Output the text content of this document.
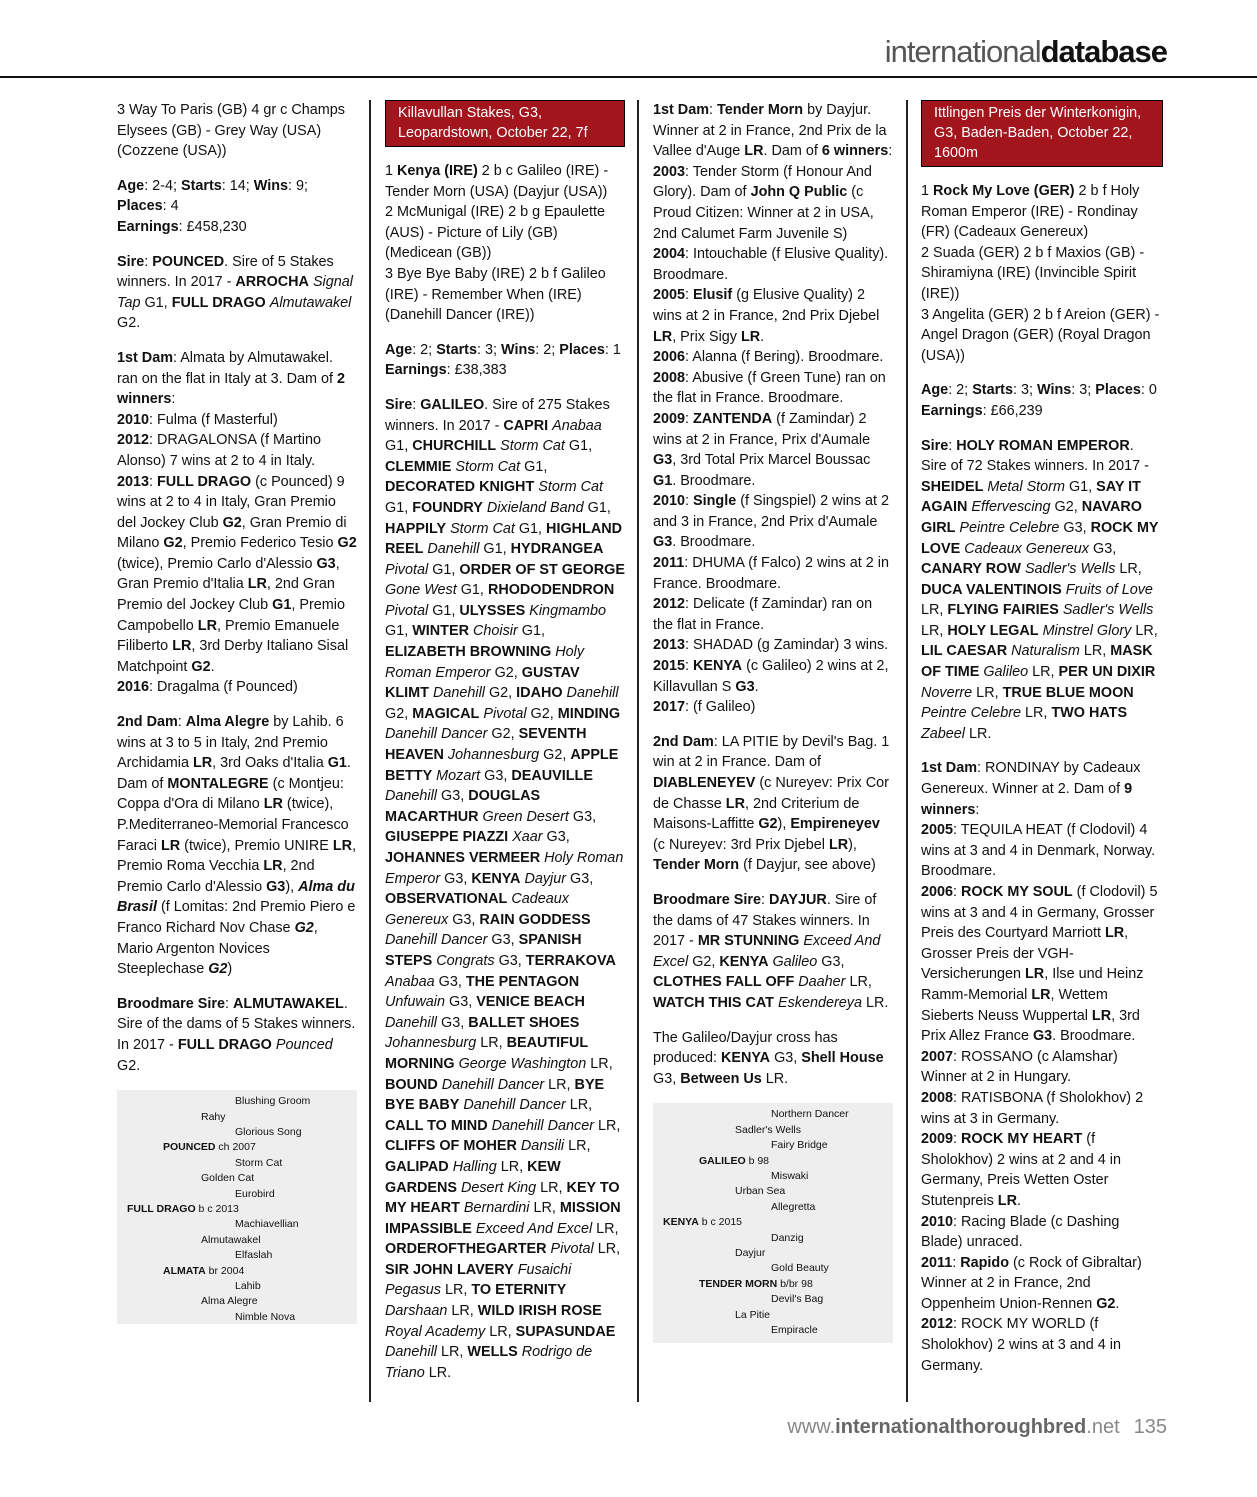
internationaldatabase

3 Way To Paris (GB) 4 gr c Champs Elysees (GB) - Grey Way (USA) (Cozzene (USA))

Age: 2-4; Starts: 14; Wins: 9; Places: 4
Earnings: £458,230

Sire: POUNCED. Sire of 5 Stakes winners. In 2017 - ARROCHA Signal Tap G1, FULL DRAGO Almutawakel G2.

1st Dam: Almata by Almutawakel. ran on the flat in Italy at 3. Dam of 2 winners:
2010: Fulma (f Masterful)
2012: DRAGALONSA (f Martino Alonso) 7 wins at 2 to 4 in Italy.
2013: FULL DRAGO (c Pounced) 9 wins at 2 to 4 in Italy, Gran Premio del Jockey Club G2, Gran Premio di Milano G2, Premio Federico Tesio G2 (twice), Premio Carlo d'Alessio G3, Gran Premio d'Italia LR, 2nd Gran Premio del Jockey Club G1, Premio Campobello LR, Premio Emanuele Filiberto LR, 3rd Derby Italiano Sisal Matchpoint G2.
2016: Dragalma (f Pounced)

2nd Dam: Alma Alegre by Lahib. 6 wins at 3 to 5 in Italy, 2nd Premio Archidamia LR, 3rd Oaks d'Italia G1. Dam of MONTALEGRE (c Montjeu: Coppa d'Ora di Milano LR (twice), P.Mediterraneo-Memorial Francesco Faraci LR (twice), Premio UNIRE LR, Premio Roma Vecchia LR, 2nd Premio Carlo d'Alessio G3), Alma du Brasil (f Lomitas: 2nd Premio Piero e Franco Richard Nov Chase G2, Mario Argenton Novices Steeplechase G2)

Broodmare Sire: ALMUTAWAKEL. Sire of the dams of 5 Stakes winners. In 2017 - FULL DRAGO Pounced G2.

Blushing Groom
Rahy
Glorious Song
POUNCED ch 2007
Storm Cat
Golden Cat
Eurobird
FULL DRAGO b c 2013
Machiavellian
Almutawakel
Elfaslah
ALMATA br 2004
Lahib
Alma Alegre
Nimble Nova
Killavullan Stakes, G3, Leopardstown, October 22, 7f

1 Kenya (IRE) 2 b c Galileo (IRE) - Tender Morn (USA) (Dayjur (USA))
2 McMunigal (IRE) 2 b g Epaulette (AUS) - Picture of Lily (GB) (Medicean (GB))
3 Bye Bye Baby (IRE) 2 b f Galileo (IRE) - Remember When (IRE) (Danehill Dancer (IRE))

Age: 2; Starts: 3; Wins: 2; Places: 1
Earnings: £38,383

Sire: GALILEO. Sire of 275 Stakes winners. In 2017 - CAPRI Anabaa G1, CHURCHILL Storm Cat G1, CLEMMIE Storm Cat G1, DECORATED KNIGHT Storm Cat G1, FOUNDRY Dixieland Band G1, HAPPILY Storm Cat G1, HIGHLAND REEL Danehill G1, HYDRANGEA Pivotal G1, ORDER OF ST GEORGE Gone West G1, RHODODENDRON Pivotal G1, ULYSSES Kingmambo G1, WINTER Choisir G1, ELIZABETH BROWNING Holy Roman Emperor G2, GUSTAV KLIMT Danehill G2, IDAHO Danehill G2, MAGICAL Pivotal G2, MINDING Danehill Dancer G2, SEVENTH HEAVEN Johannesburg G2, APPLE BETTY Mozart G3, DEAUVILLE Danehill G3, DOUGLAS MACARTHUR Green Desert G3, GIUSEPPE PIAZZI Xaar G3, JOHANNES VERMEER Holy Roman Emperor G3, KENYA Dayjur G3, OBSERVATIONAL Cadeaux Genereux G3, RAIN GODDESS Danehill Dancer G3, SPANISH STEPS Congrats G3, TERRAKOVA Anabaa G3, THE PENTAGON Unfuwain G3, VENICE BEACH Danehill G3, BALLET SHOES Johannesburg LR, BEAUTIFUL MORNING George Washington LR, BOUND Danehill Dancer LR, BYE BYE BABY Danehill Dancer LR, CALL TO MIND Danehill Dancer LR, CLIFFS OF MOHER Dansili LR, GALIPAD Halling LR, KEW GARDENS Desert King LR, KEY TO MY HEART Bernardini LR, MISSION IMPASSIBLE Exceed And Excel LR, ORDEROFTHEGARTER Pivotal LR, SIR JOHN LAVERY Fusaichi Pegasus LR, TO ETERNITY Darshaan LR, WILD IRISH ROSE Royal Academy LR, SUPASUNDAE Danehill LR, WELLS Rodrigo de Triano LR.

1st Dam: Tender Morn by Dayjur. Winner at 2 in France, 2nd Prix de la Vallee d'Auge LR. Dam of 6 winners:
2003: Tender Storm (f Honour And Glory). Dam of John Q Public (c Proud Citizen: Winner at 2 in USA, 2nd Calumet Farm Juvenile S)
2004: Intouchable (f Elusive Quality). Broodmare.
2005: Elusif (g Elusive Quality) 2 wins at 2 in France, 2nd Prix Djebel LR, Prix Sigy LR.
2006: Alanna (f Bering). Broodmare.
2008: Abusive (f Green Tune) ran on the flat in France. Broodmare.
2009: ZANTENDA (f Zamindar) 2 wins at 2 in France, Prix d'Aumale G3, 3rd Total Prix Marcel Boussac G1. Broodmare.
2010: Single (f Singspiel) 2 wins at 2 and 3 in France, 2nd Prix d'Aumale G3. Broodmare.
2011: DHUMA (f Falco) 2 wins at 2 in France. Broodmare.
2012: Delicate (f Zamindar) ran on the flat in France.
2013: SHADAD (g Zamindar) 3 wins.
2015: KENYA (c Galileo) 2 wins at 2, Killavullan S G3.
2017: (f Galileo)

2nd Dam: LA PITIE by Devil's Bag. 1 win at 2 in France. Dam of DIABLENEYEV (c Nureyev: Prix Cor de Chasse LR, 2nd Criterium de Maisons-Laffitte G2), Empireneyev (c Nureyev: 3rd Prix Djebel LR), Tender Morn (f Dayjur, see above)

Broodmare Sire: DAYJUR. Sire of the dams of 47 Stakes winners. In 2017 - MR STUNNING Exceed And Excel G2, KENYA Galileo G3, CLOTHES FALL OFF Daaher LR, WATCH THIS CAT Eskendereya LR.

The Galileo/Dayjur cross has produced: KENYA G3, Shell House G3, Between Us LR.

Northern Dancer
Sadler's Wells
Fairy Bridge
GALILEO b 98
Miswaki
Urban Sea
Allegretta
KENYA b c 2015
Danzig
Dayjur
Gold Beauty
TENDER MORN b/br 98
Devil's Bag
La Pitie
Empiracle
Ittlingen Preis der Winterkonigin, G3, Baden-Baden, October 22, 1600m

1 Rock My Love (GER) 2 b f Holy Roman Emperor (IRE) - Rondinay (FR) (Cadeaux Genereux)
2 Suada (GER) 2 b f Maxios (GB) - Shiramiyna (IRE) (Invincible Spirit (IRE))
3 Angelita (GER) 2 b f Areion (GER) - Angel Dragon (GER) (Royal Dragon (USA))

Age: 2; Starts: 3; Wins: 3; Places: 0
Earnings: £66,239

Sire: HOLY ROMAN EMPEROR. Sire of 72 Stakes winners. In 2017 - SHEIDEL Metal Storm G1, SAY IT AGAIN Effervescing G2, NAVARO GIRL Peintre Celebre G3, ROCK MY LOVE Cadeaux Genereux G3, CANARY ROW Sadler's Wells LR, DUCA VALENTINOIS Fruits of Love LR, FLYING FAIRIES Sadler's Wells LR, HOLY LEGAL Minstrel Glory LR, LIL CAESAR Naturalism LR, MASK OF TIME Galileo LR, PER UN DIXIR Noverre LR, TRUE BLUE MOON Peintre Celebre LR, TWO HATS Zabeel LR.

1st Dam: RONDINAY by Cadeaux Genereux. Winner at 2. Dam of 9 winners:
2005: TEQUILA HEAT (f Clodovil) 4 wins at 3 and 4 in Denmark, Norway. Broodmare.
2006: ROCK MY SOUL (f Clodovil) 5 wins at 3 and 4 in Germany, Grosser Preis des Courtyard Marriott LR, Grosser Preis der VGH-Versicherungen LR, Ilse und Heinz Ramm-Memorial LR, Wettem Sieberts Neuss Wuppertal LR, 3rd Prix Allez France G3. Broodmare.
2007: ROSSANO (c Alamshar) Winner at 2 in Hungary.
2008: RATISBONA (f Sholokhov) 2 wins at 3 in Germany.
2009: ROCK MY HEART (f Sholokhov) 2 wins at 2 and 4 in Germany, Preis Wetten Oster Stutenpreis LR.
2010: Racing Blade (c Dashing Blade) unraced.
2011: Rapido (c Rock of Gibraltar) Winner at 2 in France, 2nd Oppenheim Union-Rennen G2.
2012: ROCK MY WORLD (f Sholokhov) 2 wins at 3 and 4 in Germany.

www.internationalthoroughbred.net 135
